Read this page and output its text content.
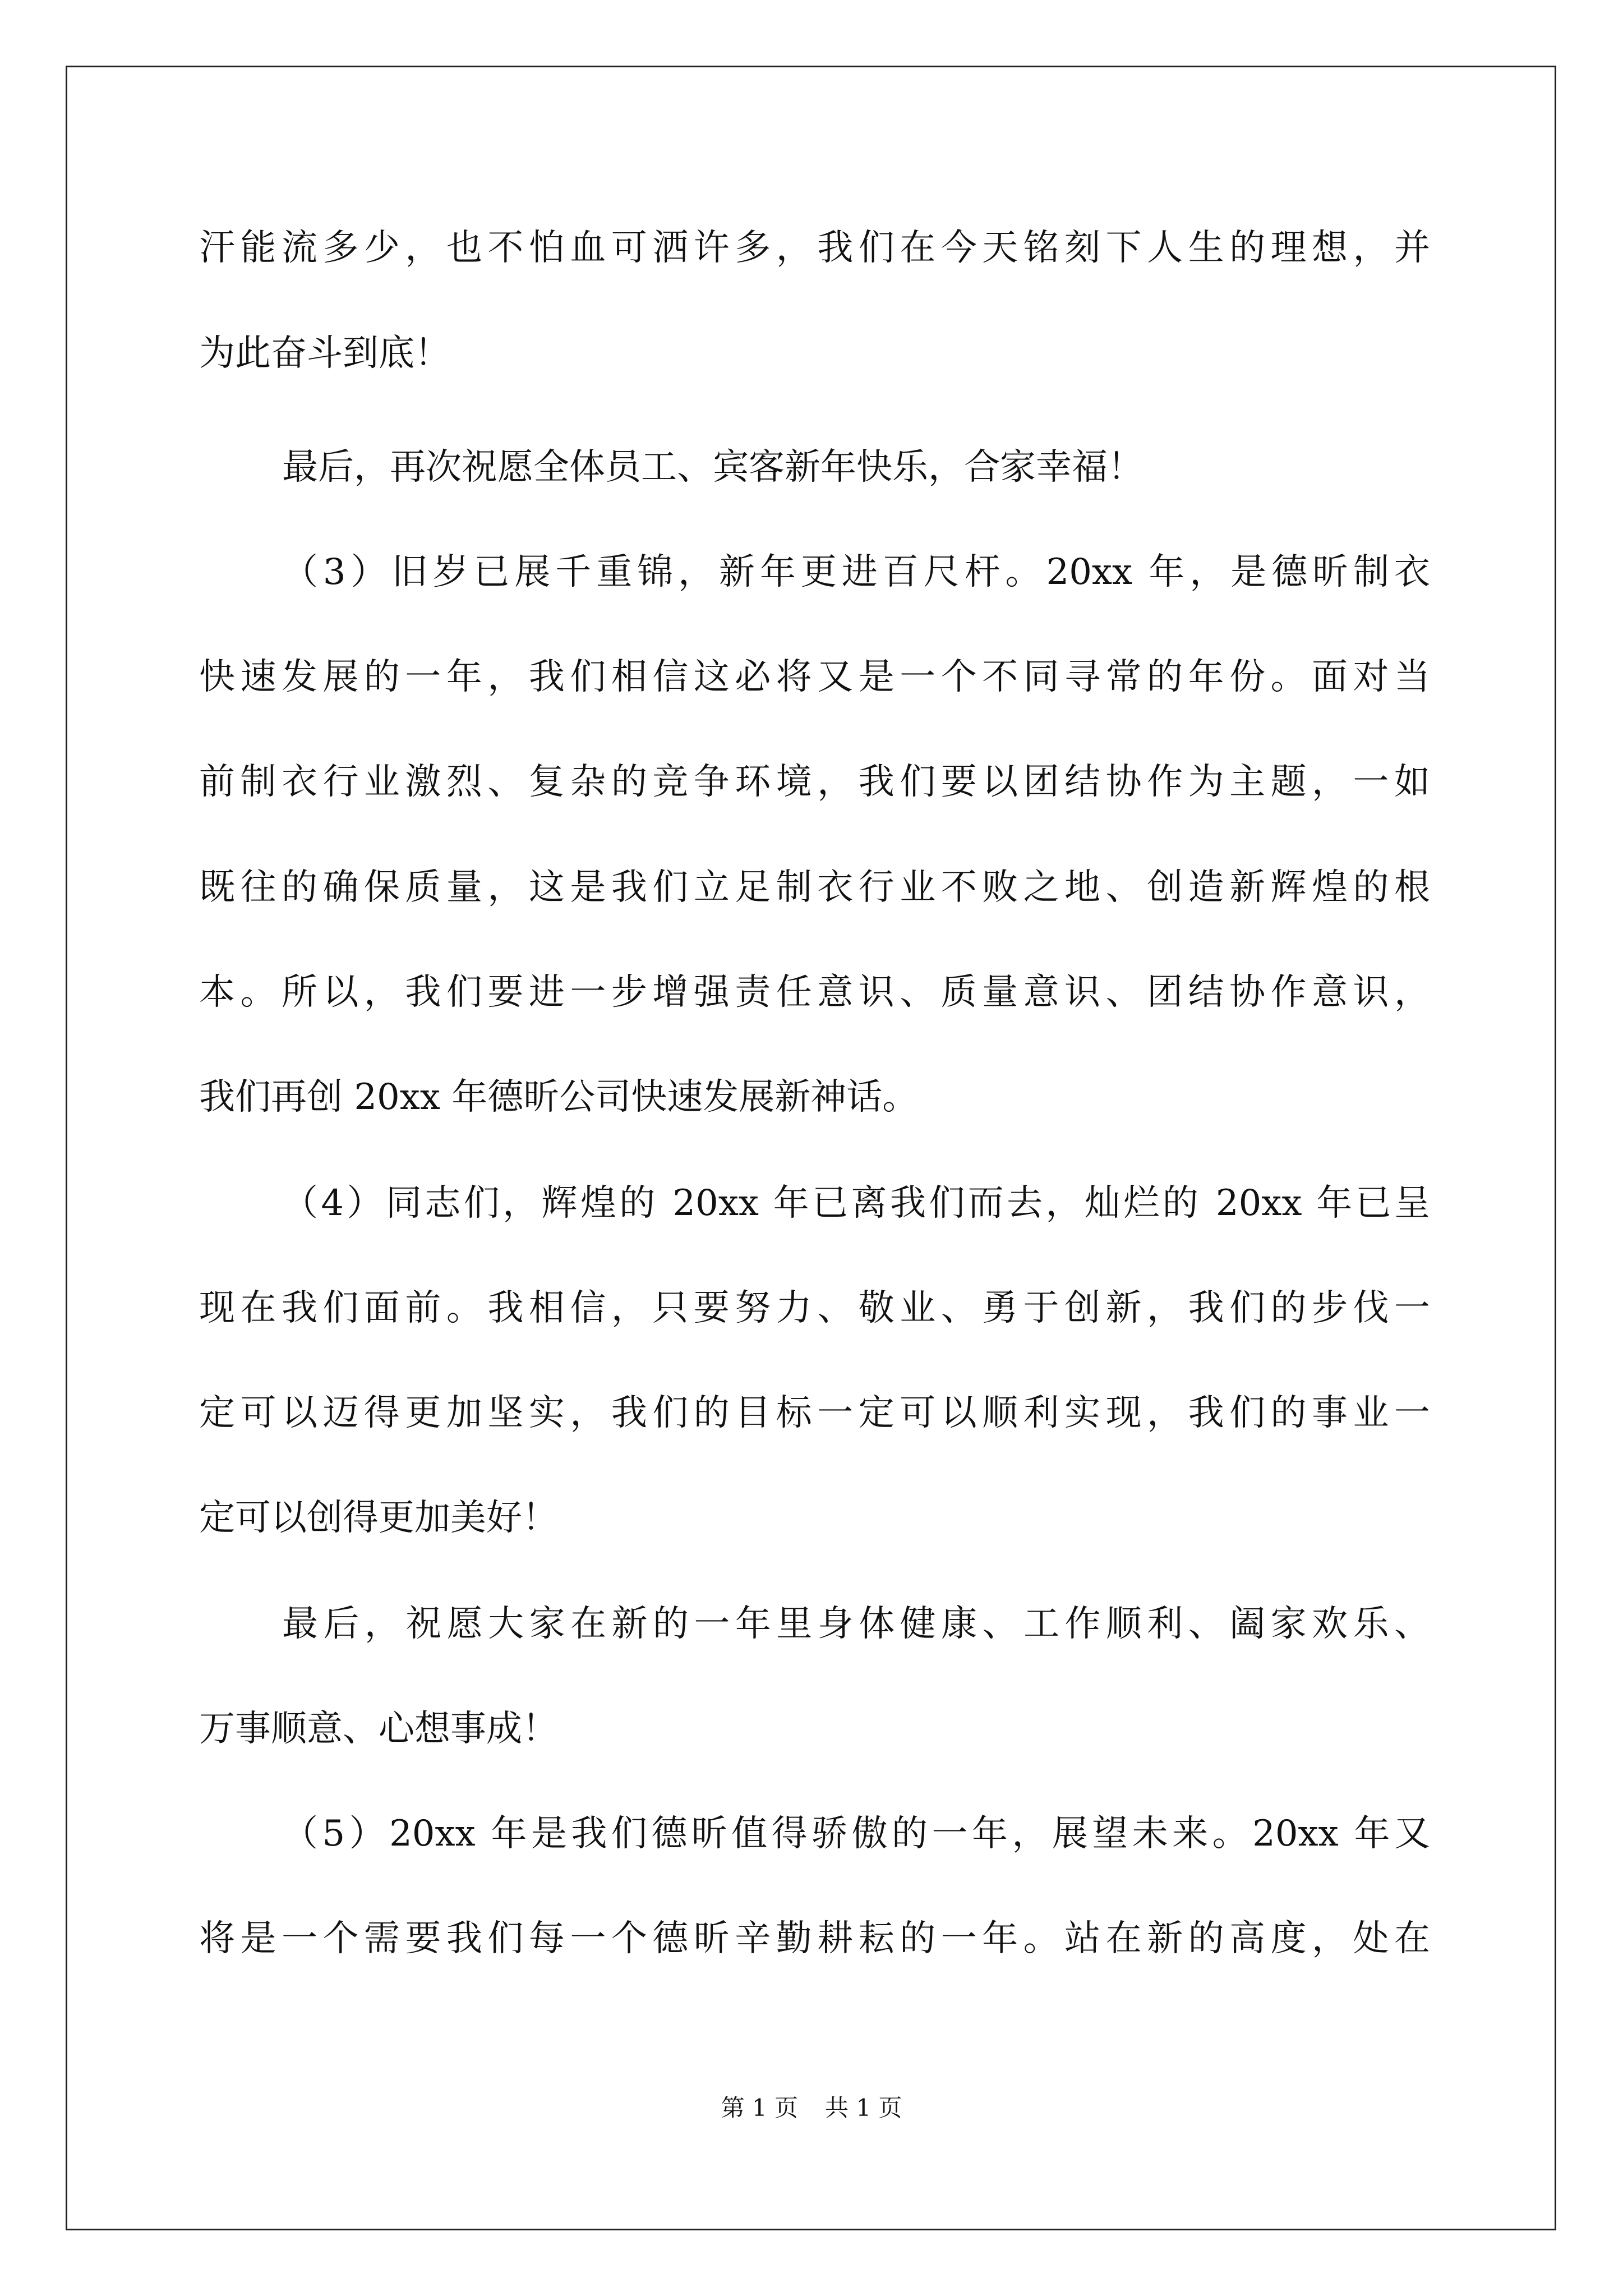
汗能流多少，也不怕血可洒许多，我们在今天铭刻下人生的理想，并
为此奋斗到底！
最后，再次祝愿全体员工、宾客新年快乐，合家幸福！
（3）旧岁已展千重锦，新年更进百尺杆。20xx 年，是德昕制衣
快速发展的一年，我们相信这必将又是一个不同寻常的年份。面对当
前制衣行业激烈、复杂的竞争环境，我们要以团结协作为主题，一如
既往的确保质量，这是我们立足制衣行业不败之地、创造新辉煌的根
本。所以，我们要进一步增强责任意识、质量意识、团结协作意识，
我们再创 20xx 年德昕公司快速发展新神话。
（4）同志们，辉煌的 20xx 年已离我们而去，灿烂的 20xx 年已呈
现在我们面前。我相信，只要努力、敬业、勇于创新，我们的步伐一
定可以迈得更加坚实，我们的目标一定可以顺利实现，我们的事业一
定可以创得更加美好！
最后，祝愿大家在新的一年里身体健康、工作顺利、阖家欢乐、
万事顺意、心想事成！
（5）20xx 年是我们德昕值得骄傲的一年，展望未来。20xx 年又
将是一个需要我们每一个德昕辛勤耕耘的一年。站在新的高度，处在
第 1 页 共 1 页
